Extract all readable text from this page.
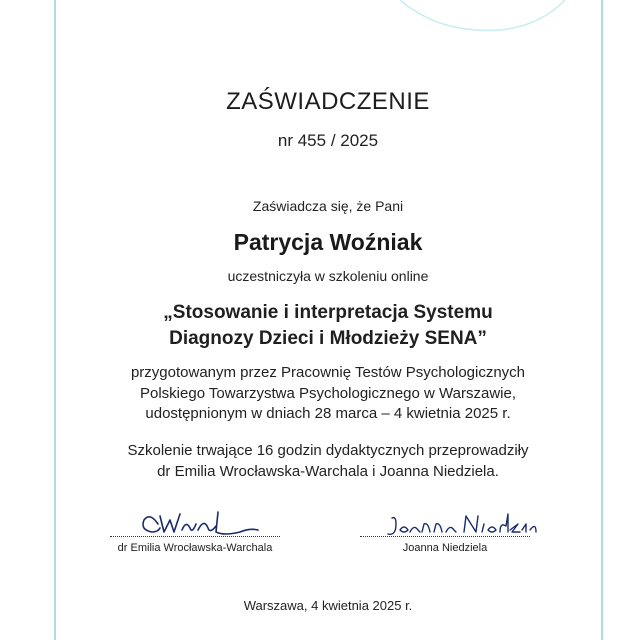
ZAŚWIADCZENIE
nr 455 / 2025
Zaświadcza się, że Pani
Patrycja Woźniak
uczestniczyła w szkoleniu online
„Stosowanie i interpretacja Systemu
Diagnozy Dzieci i Młodzieży SENA”
przygotowanym przez Pracownię Testów Psychologicznych
Polskiego Towarzystwa Psychologicznego w Warszawie,
udostępnionym w dniach 28 marca – 4 kwietnia 2025 r.
Szkolenie trwające 16 godzin dydaktycznych przeprowadziły
dr Emilia Wrocławska-Warchala i Joanna Niedziela.
dr Emilia Wrocławska-Warchala	Joanna Niedziela
Warszawa, 4 kwietnia 2025 r.
